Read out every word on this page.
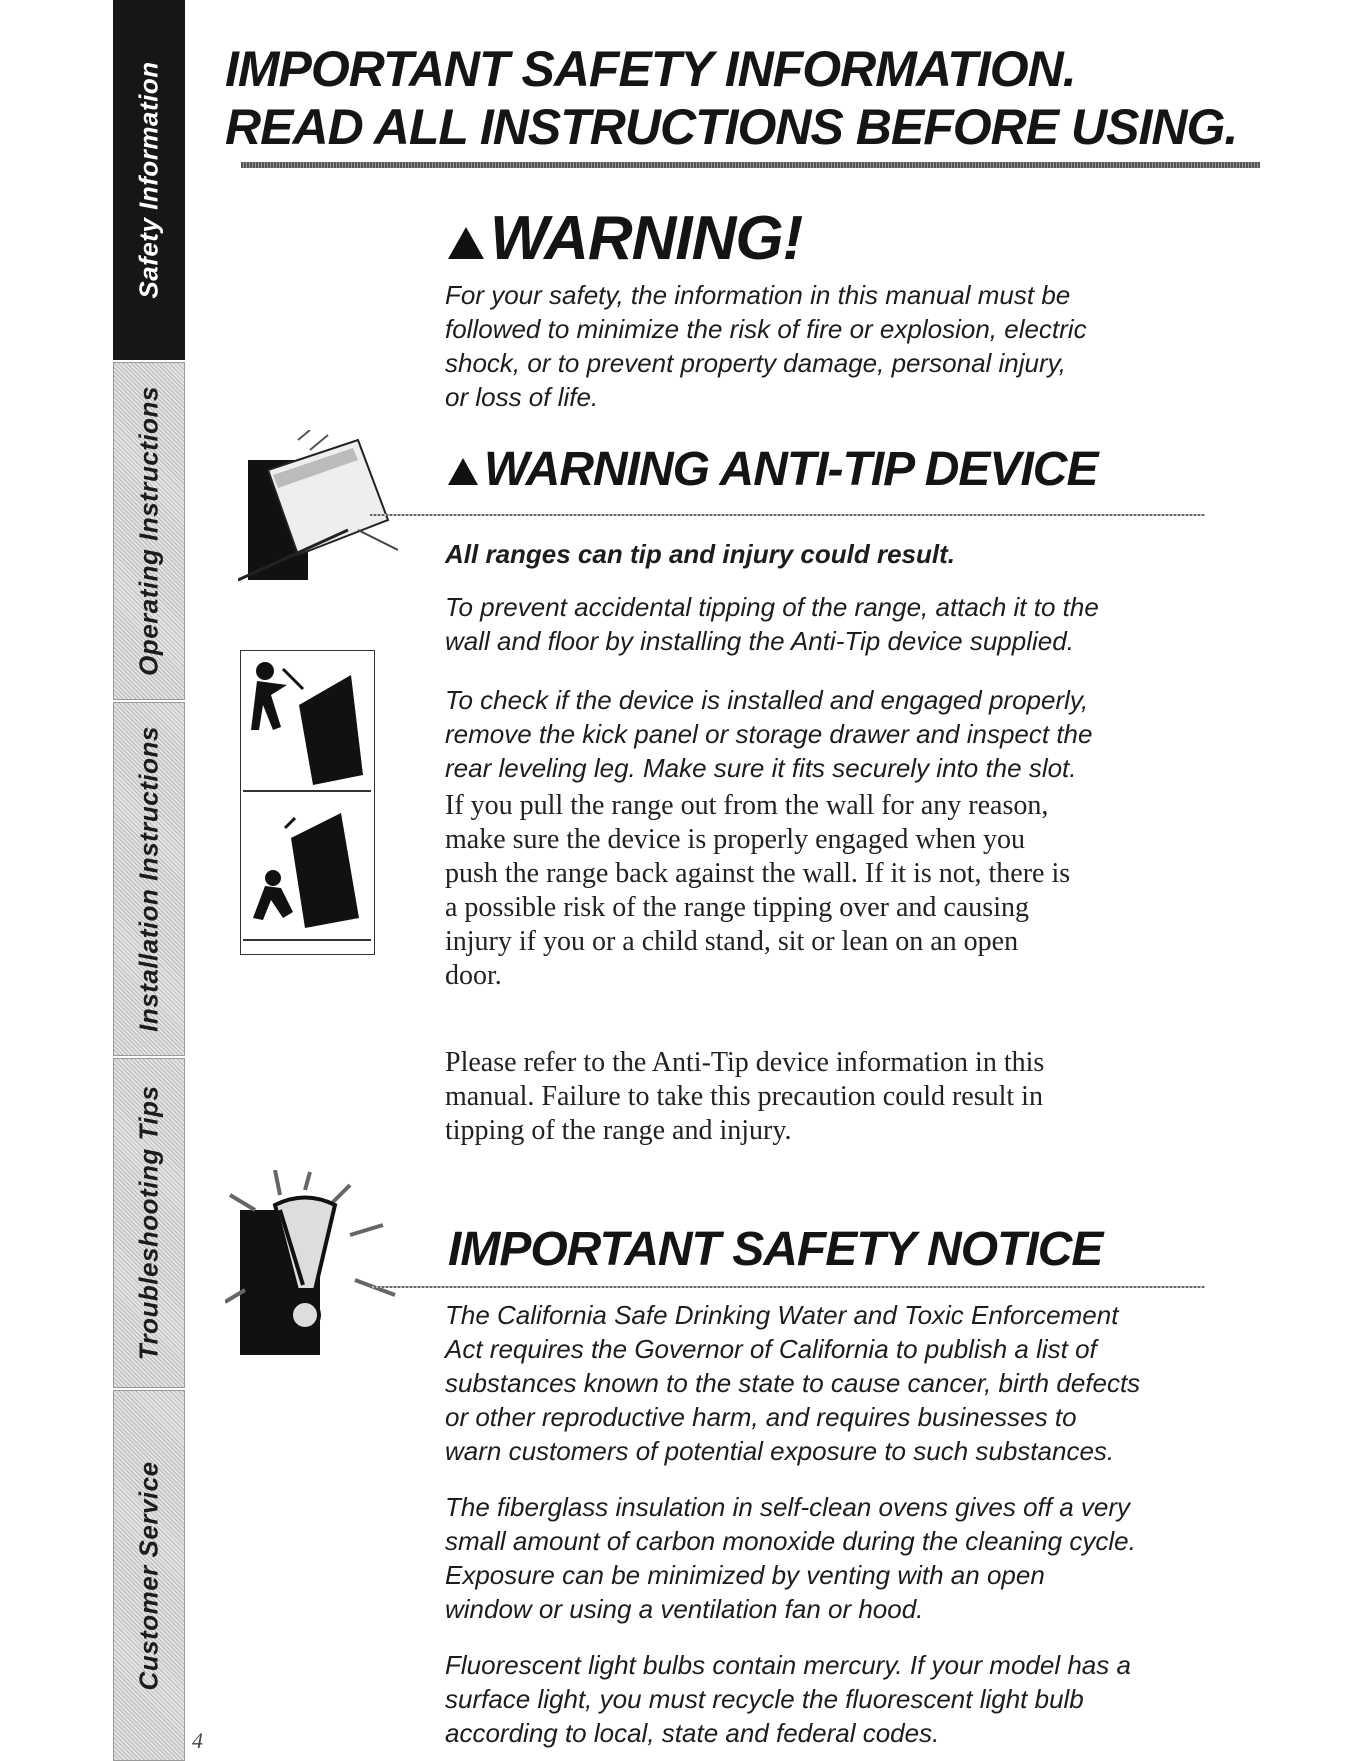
Safety Information
Operating Instructions
Installation Instructions
Troubleshooting Tips
Customer Service
4
IMPORTANT SAFETY INFORMATION.
READ ALL INSTRUCTIONS BEFORE USING.
!WARNING!

For your safety, the information in this manual must be
followed to minimize the risk of fire or explosion, electric
shock, or to prevent property damage, personal injury,
or loss of life.

!WARNING ANTI-TIP DEVICE

All ranges can tip and injury could result.

To prevent accidental tipping of the range, attach it to the
wall and floor by installing the Anti-Tip device supplied.

To check if the device is installed and engaged properly,
remove the kick panel or storage drawer and inspect the
rear leveling leg. Make sure it fits securely into the slot.

If you pull the range out from the wall for any reason,
make sure the device is properly engaged when you
push the range back against the wall. If it is not, there is
a possible risk of the range tipping over and causing
injury if you or a child stand, sit or lean on an open
door.

Please refer to the Anti-Tip device information in this
manual. Failure to take this precaution could result in
tipping of the range and injury.

IMPORTANT SAFETY NOTICE

The California Safe Drinking Water and Toxic Enforcement
Act requires the Governor of California to publish a list of
substances known to the state to cause cancer, birth defects
or other reproductive harm, and requires businesses to
warn customers of potential exposure to such substances.

The fiberglass insulation in self-clean ovens gives off a very
small amount of carbon monoxide during the cleaning cycle.
Exposure can be minimized by venting with an open
window or using a ventilation fan or hood.

Fluorescent light bulbs contain mercury. If your model has a
surface light, you must recycle the fluorescent light bulb
according to local, state and federal codes.
